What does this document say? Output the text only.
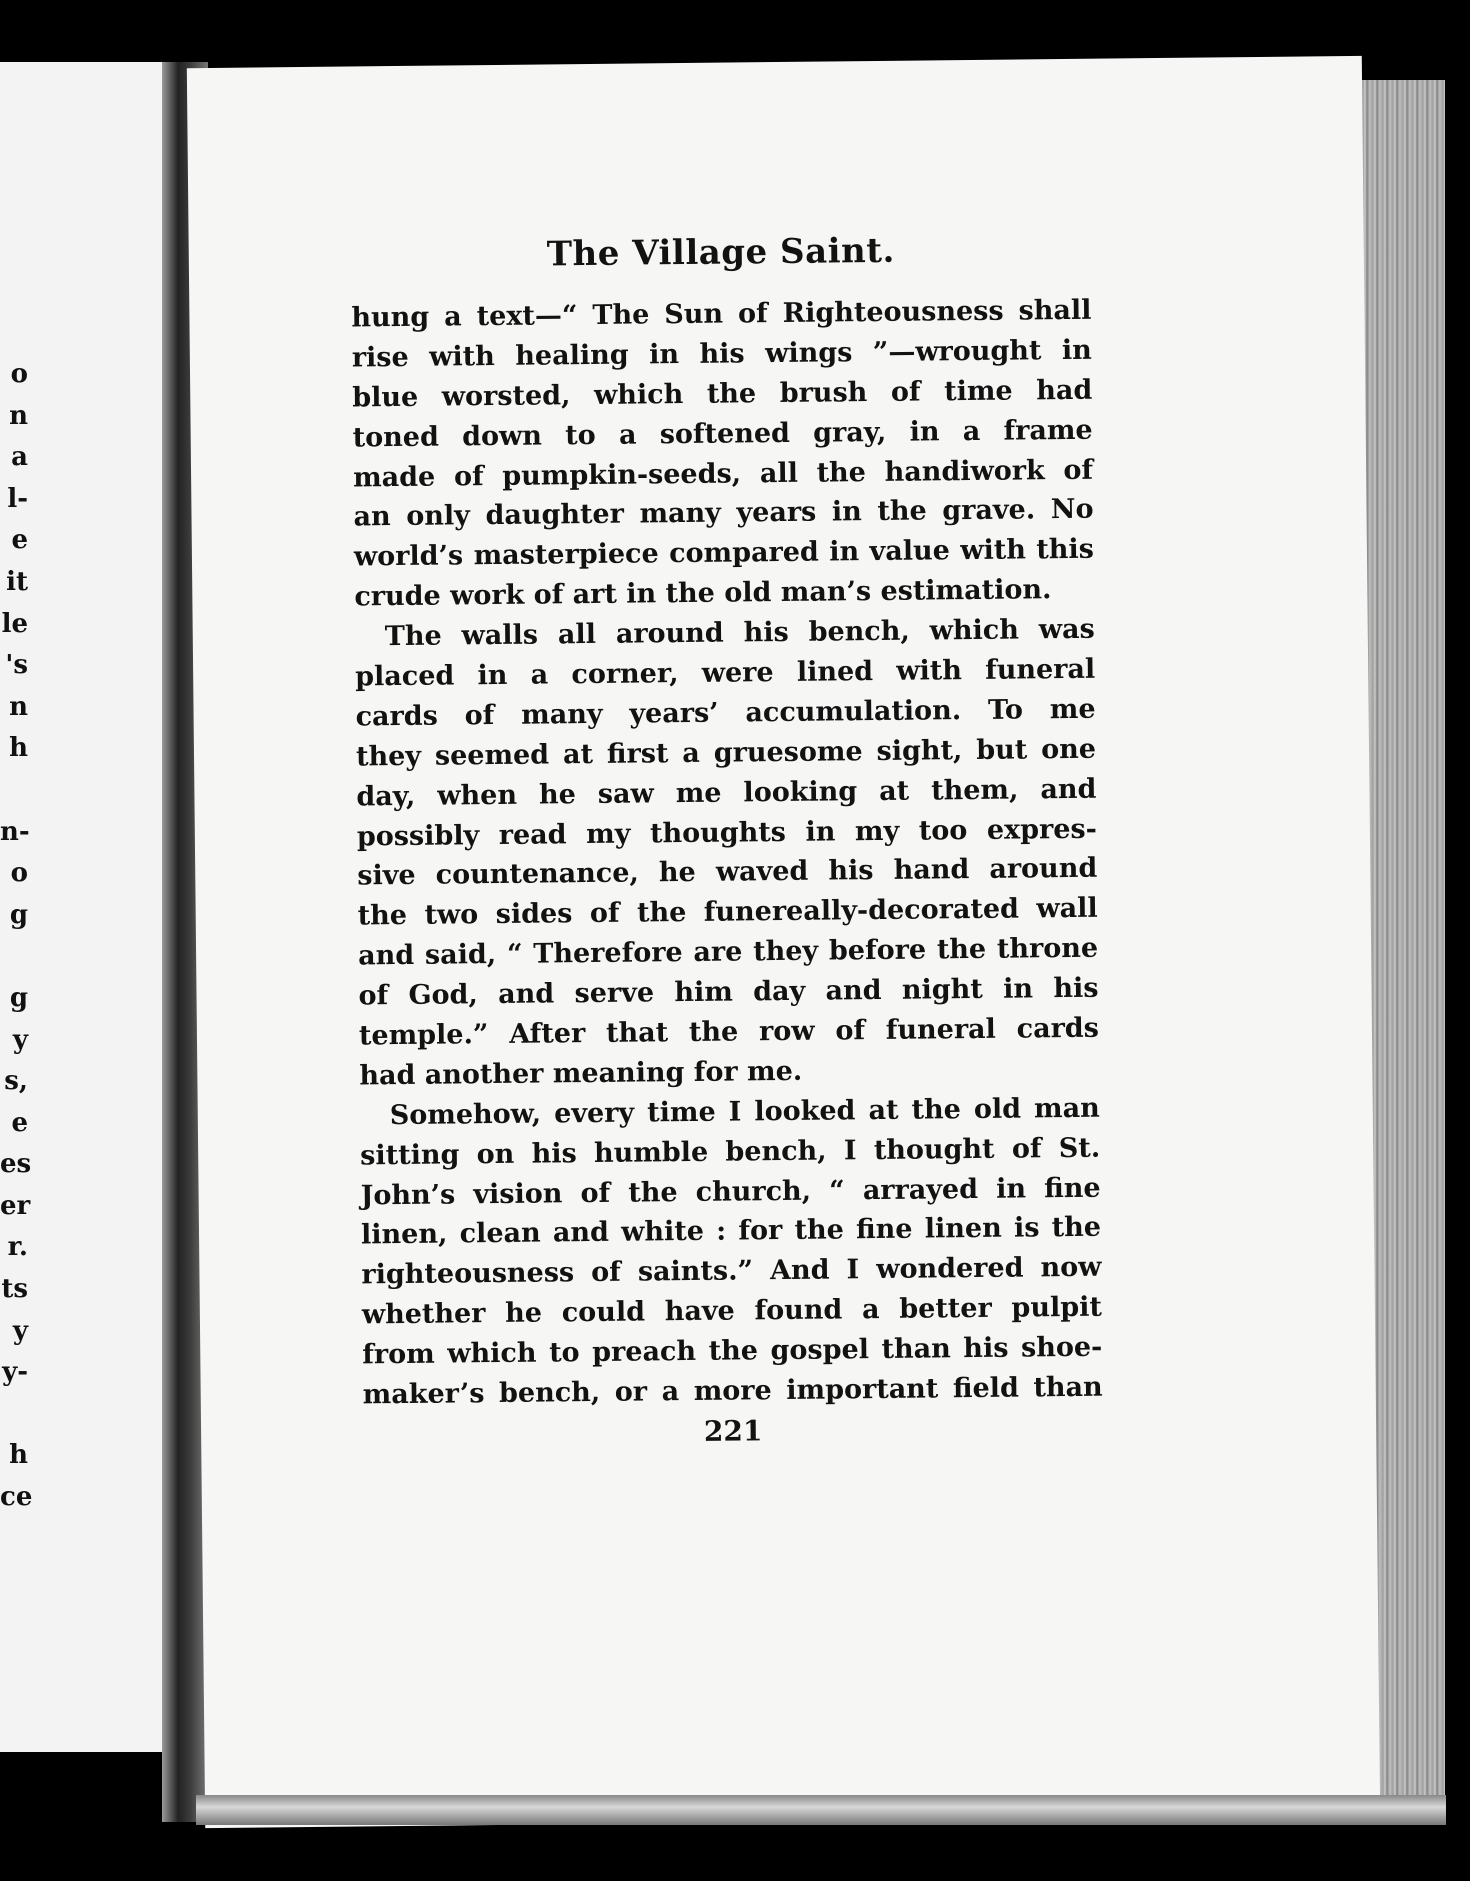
o
n
a
l-
e
it
le
's
n
h
n-
o
g
g
y
s,
e
es
er
r.
ts
y
y-
h
ce
The Village Saint.
hung a text—“ The Sun of Righteousness shall
rise with healing in his wings ”—wrought in
blue worsted, which the brush of time had
toned down to a softened gray, in a frame
made of pumpkin-seeds, all the handiwork of
an only daughter many years in the grave. No
world’s masterpiece compared in value with this
crude work of art in the old man’s estimation.
The walls all around his bench, which was
placed in a corner, were lined with funeral
cards of many years’ accumulation. To me
they seemed at first a gruesome sight, but one
day, when he saw me looking at them, and
possibly read my thoughts in my too expres-
sive countenance, he waved his hand around
the two sides of the funereally-decorated wall
and said, “ Therefore are they before the throne
of God, and serve him day and night in his
temple.” After that the row of funeral cards
had another meaning for me.
Somehow, every time I looked at the old man
sitting on his humble bench, I thought of St.
John’s vision of the church, “ arrayed in fine
linen, clean and white : for the fine linen is the
righteousness of saints.” And I wondered now
whether he could have found a better pulpit
from which to preach the gospel than his shoe-
maker’s bench, or a more important field than
221
